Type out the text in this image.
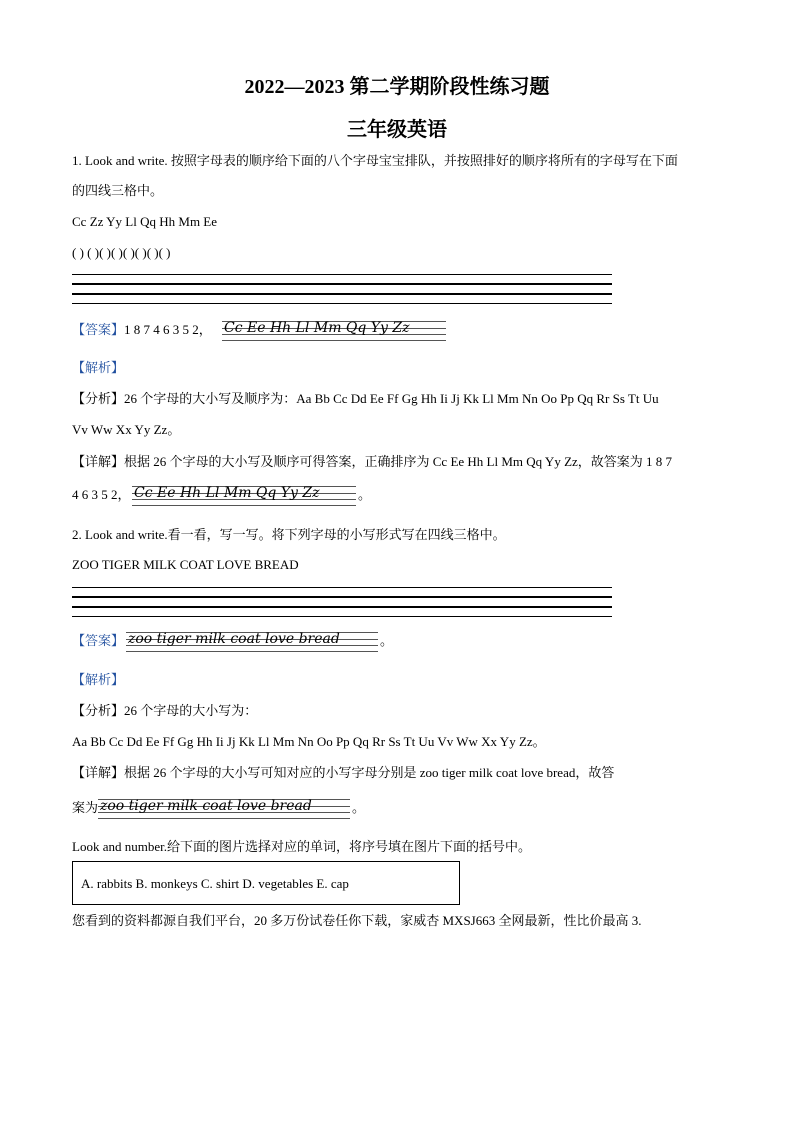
2022—2023 第二学期阶段性练习题
三年级英语
1. Look and write. 按照字母表的顺序给下面的八个字母宝宝排队，并按照排好的顺序将所有的字母写在下面
的四线三格中。
Cc Zz Yy Ll Qq Hh Mm Ee
( ) ( )( )( )( )( )( )( )
【答案】1 8 7 4 6 3 5 2， Cc Ee Hh Ll Mm Qq Yy Zz
【解析】
【分析】26 个字母的大小写及顺序为：Aa Bb Cc Dd Ee Ff Gg Hh Ii Jj Kk Ll Mm Nn Oo Pp Qq Rr Ss Tt Uu
Vv Ww Xx Yy Zz。
【详解】根据 26 个字母的大小写及顺序可得答案，正确排序为 Cc Ee Hh Ll Mm Qq Yy Zz，故答案为 1 8 7
4 6 3 5 2， Cc Ee Hh Ll Mm Qq Yy Zz	。
2. Look and write.看一看，写一写。将下列字母的小写形式写在四线三格中。
ZOO TIGER MILK COAT LOVE BREAD
【答案】 zoo tiger milk coat love bread	。
【解析】
【分析】26 个字母的大小写为：
Aa Bb Cc Dd Ee Ff Gg Hh Ii Jj Kk Ll Mm Nn Oo Pp Qq Rr Ss Tt Uu Vv Ww Xx Yy Zz。
【详解】根据 26 个字母的大小写可知对应的小写字母分别是 zoo tiger milk coat love bread，故答
案为 zoo tiger milk coat love bread	。
Look and number.给下面的图片选择对应的单词，将序号填在图片下面的括号中。
A. rabbits B. monkeys C. shirt D. vegetables E. cap
您看到的资料都源自我们平台，20 多万份试卷任你下载，家威杏 MXSJ663 全网最新，性比价最高 3.
